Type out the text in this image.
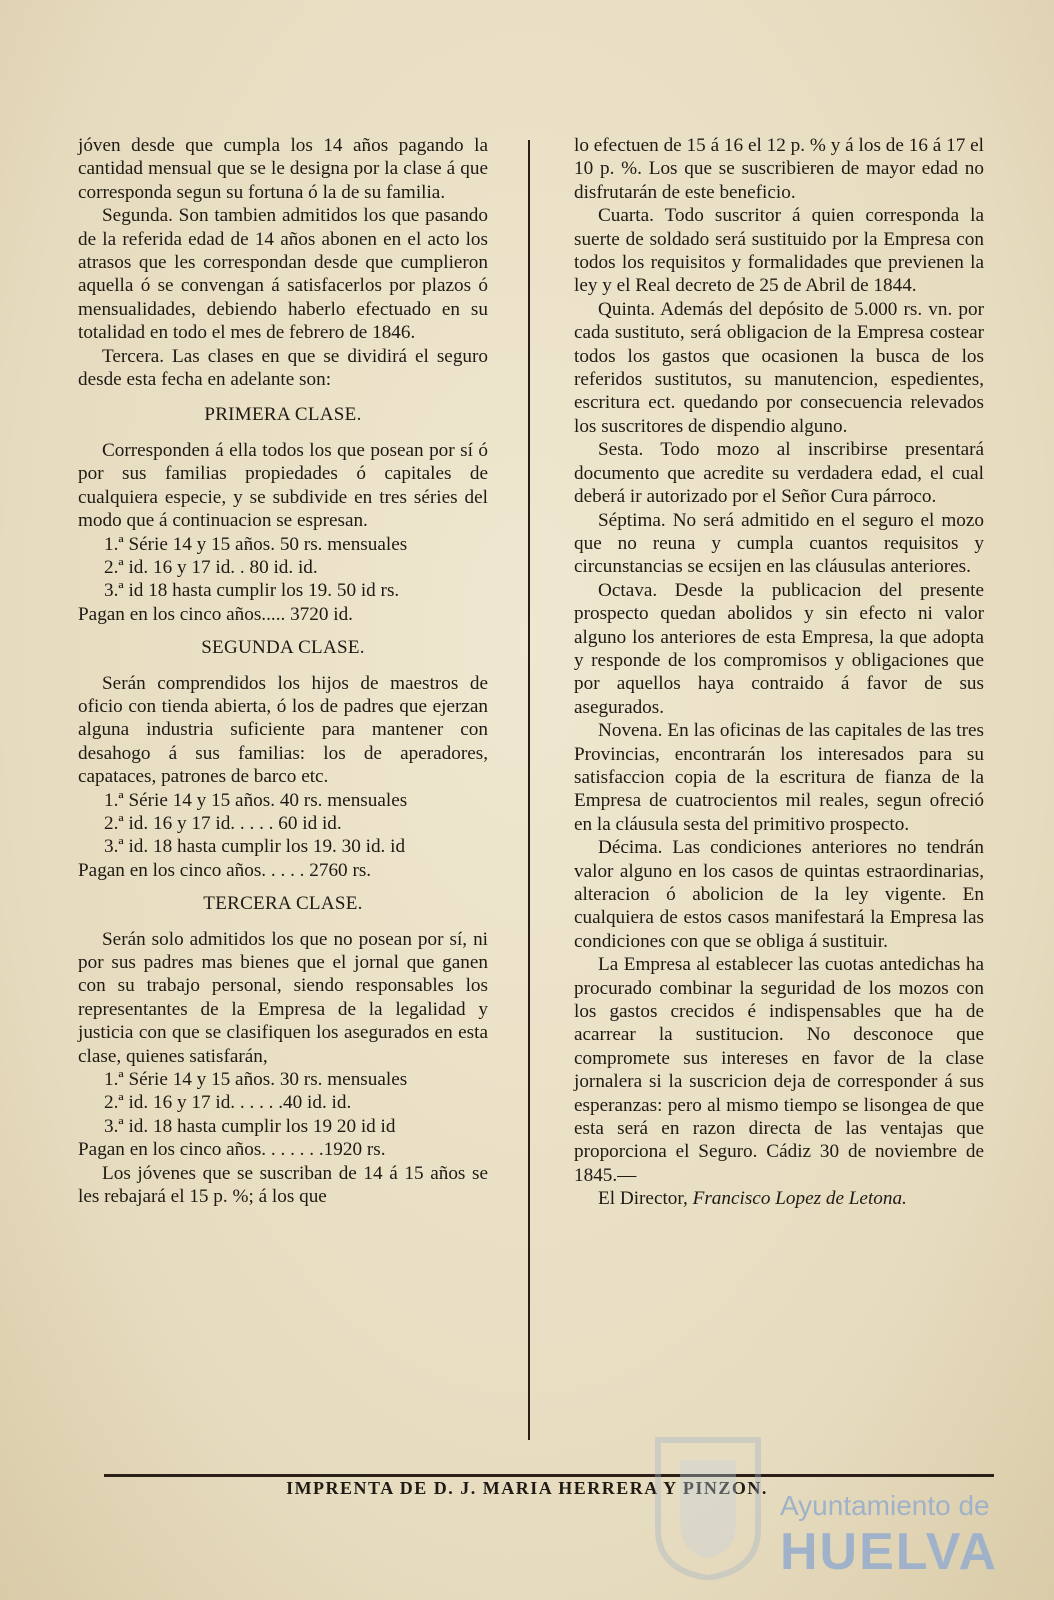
jóven desde que cumpla los 14 años pagando la cantidad mensual que se le designa por la clase á que corresponda segun su fortuna ó la de su familia.

Segunda. Son tambien admitidos los que pasando de la referida edad de 14 años abonen en el acto los atrasos que les correspondan desde que cumplieron aquella ó se convengan á satisfacerlos por plazos ó mensualidades, debiendo haberlo efectuado en su totalidad en todo el mes de febrero de 1846.

Tercera. Las clases en que se dividirá el seguro desde esta fecha en adelante son:

PRIMERA CLASE.

Corresponden á ella todos los que posean por sí ó por sus familias propiedades ó capitales de cualquiera especie, y se subdivide en tres séries del modo que á continuacion se espresan.

1.ª Série 14 y 15 años. 50 rs. mensuales

2.ª id. 16 y 17 id. . 80 id. id.

3.ª id 18 hasta cumplir los 19. 50 id rs.

Pagan en los cinco años..... 3720 id.

SEGUNDA CLASE.

Serán comprendidos los hijos de maestros de oficio con tienda abierta, ó los de padres que ejerzan alguna industria suficiente para mantener con desahogo á sus familias: los de aperadores, capataces, patrones de barco etc.

1.ª Série 14 y 15 años. 40 rs. mensuales

2.ª id. 16 y 17 id. . . . . 60 id id.

3.ª id. 18 hasta cumplir los 19. 30 id. id

Pagan en los cinco años. . . . . 2760 rs.

TERCERA CLASE.

Serán solo admitidos los que no posean por sí, ni por sus padres mas bienes que el jornal que ganen con su trabajo personal, siendo responsables los representantes de la Empresa de la legalidad y justicia con que se clasifiquen los asegurados en esta clase, quienes satisfarán,

1.ª Série 14 y 15 años. 30 rs. mensuales

2.ª id. 16 y 17 id. . . . . .40 id. id.

3.ª id. 18 hasta cumplir los 19 20 id id

Pagan en los cinco años. . . . . . .1920 rs.

Los jóvenes que se suscriban de 14 á 15 años se les rebajará el 15 p. %; á los que

lo efectuen de 15 á 16 el 12 p. % y á los de 16 á 17 el 10 p. %. Los que se suscribieren de mayor edad no disfrutarán de este beneficio.

Cuarta. Todo suscritor á quien corresponda la suerte de soldado será sustituido por la Empresa con todos los requisitos y formalidades que previenen la ley y el Real decreto de 25 de Abril de 1844.

Quinta. Además del depósito de 5.000 rs. vn. por cada sustituto, será obligacion de la Empresa costear todos los gastos que ocasionen la busca de los referidos sustitutos, su manutencion, espedientes, escritura ect. quedando por consecuencia relevados los suscritores de dispendio alguno.

Sesta. Todo mozo al inscribirse presentará documento que acredite su verdadera edad, el cual deberá ir autorizado por el Señor Cura párroco.

Séptima. No será admitido en el seguro el mozo que no reuna y cumpla cuantos requisitos y circunstancias se ecsijen en las cláusulas anteriores.

Octava. Desde la publicacion del presente prospecto quedan abolidos y sin efecto ni valor alguno los anteriores de esta Empresa, la que adopta y responde de los compromisos y obligaciones que por aquellos haya contraido á favor de sus asegurados.

Novena. En las oficinas de las capitales de las tres Provincias, encontrarán los interesados para su satisfaccion copia de la escritura de fianza de la Empresa de cuatrocientos mil reales, segun ofreció en la cláusula sesta del primitivo prospecto.

Décima. Las condiciones anteriores no tendrán valor alguno en los casos de quintas estraordinarias, alteracion ó abolicion de la ley vigente. En cualquiera de estos casos manifestará la Empresa las condiciones con que se obliga á sustituir.

La Empresa al establecer las cuotas antedichas ha procurado combinar la seguridad de los mozos con los gastos crecidos é indispensables que ha de acarrear la sustitucion. No desconoce que compromete sus intereses en favor de la clase jornalera si la suscricion deja de corresponder á sus esperanzas: pero al mismo tiempo se lisongea de que esta será en razon directa de las ventajas que proporciona el Seguro. Cádiz 30 de noviembre de 1845.—

El Director, Francisco Lopez de Letona.

IMPRENTA DE D. J. MARIA HERRERA Y PINZON.
Ayuntamiento de
HUELVA
